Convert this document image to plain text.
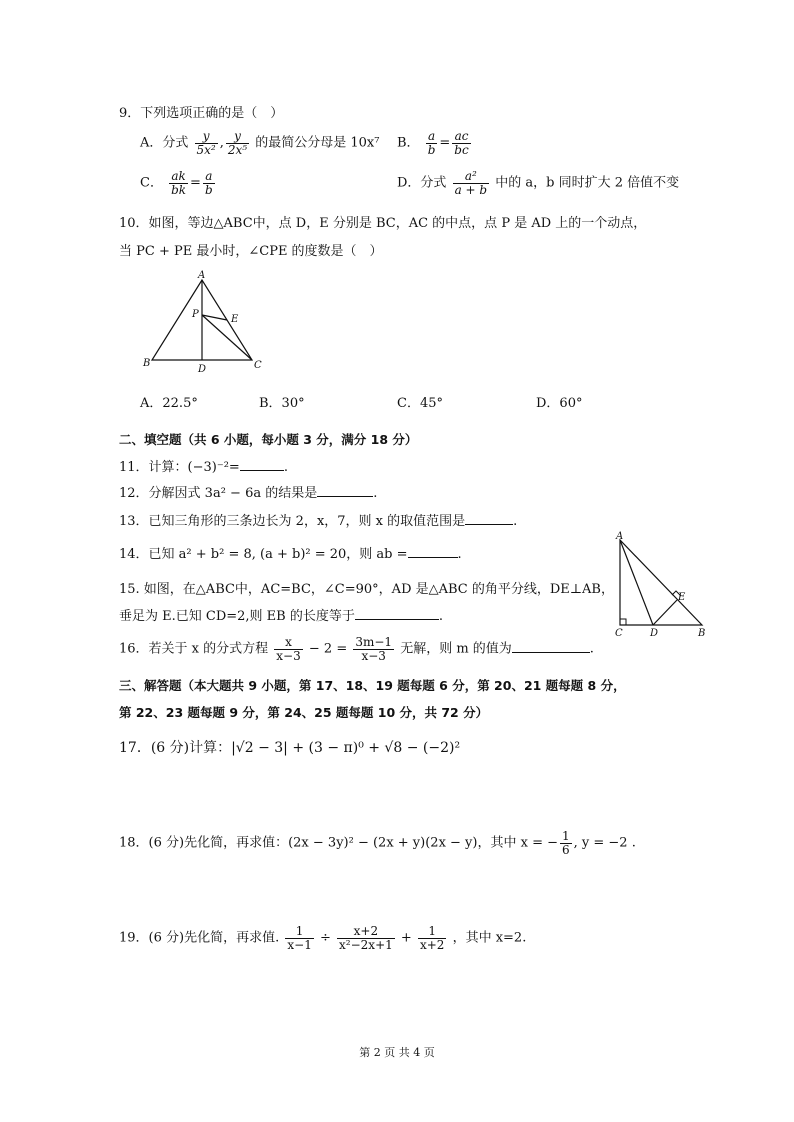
9．下列选项正确的是（　）
A．分式 $\frac{y}{\text{5x²}}$ , $\frac{y}{\text{2x⁵}}$ 的最简公分母是 10x⁷ B． $\frac{a}{b} = \frac{ac}{bc}$
C． $\frac{ak}{bk} = \frac{a}{b}$	D．分式 $\frac{\text{a²}}{a + b}$ 中的 a，b 同时扩大 2 倍值不变
10．如图，等边△ABC中，点 D，E 分别是 BC，AC 的中点，点 P 是 AD 上的一个动点，
当 PC + PE 最小时，∠CPE 的度数是（　）
A
P	E
B
D	C
A．22.5°	B．30°	C．45°	D．60°
二、填空题（共 6 小题，每小题 3 分，满分 18 分）
11．计算：(−3)⁻²=	.
12．分解因式 3a² − 6a 的结果是	.
13．已知三角形的三条边长为 2，x，7，则 x 的取值范围是	.
14．已知 a² + b² = 8, (a + b)² = 20，则 ab =	.
15. 如图，在△ABC中，AC=BC，∠C=90°，AD 是△ABC 的角平分线，DE⊥AB，
垂足为 E.已知 CD=2,则 EB 的长度等于	.
A
E
C	D	B
16．若关于 x 的分式方程 $\frac{x}{x-3} - 2 = \frac{3m-1}{x-3}$ 无解，则 m 的值为	.
三、解答题（本大题共 9 小题，第 17、18、19 题每题 6 分，第 20、21 题每题 8 分，
第 22、23 题每题 9 分，第 24、25 题每题 10 分，共 72 分）
17．(6 分)计算：|√2 − 3| + (3 − π)⁰ + √8 − (−2)²
18．(6 分)先化简，再求值：(2x − 3y)² − (2x + y)(2x − y)，其中 x = − $\frac{1}{6}$ , y = −2 .
19．(6 分)先化简，再求值. $\frac{1}{x-1} \div \frac{x+2}{\text{x²−2x+1}} + \frac{1}{x+2}$ ，其中 x=2.
第 2 页 共 4 页
